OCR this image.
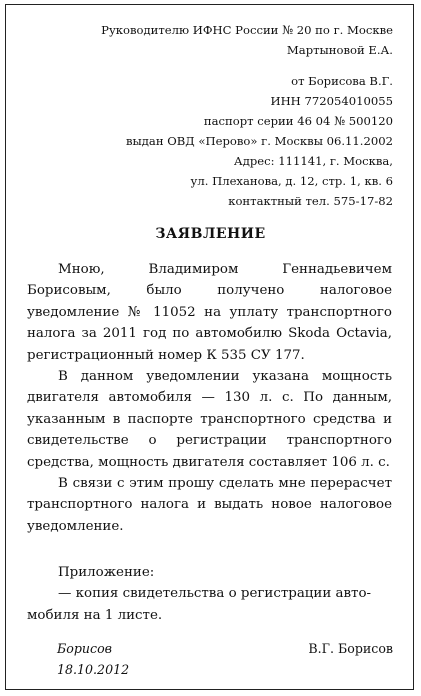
Руководителю ИФНС России № 20 по г. Москве
Мартыновой Е.А.
от Борисова В.Г.
ИНН 772054010055
паспорт серии 46 04 № 500120
выдан ОВД «Перово» г. Москвы 06.11.2002
Адрес: 111141, г. Москва,
ул. Плеханова, д. 12, стр. 1, кв. 6
контактный тел. 575-17-82
ЗАЯВЛЕНИЕ

Мною, Владимиром Геннадьевичем Борисовым, было получено налоговое уведомление № 11052 на уплату транспортного налога за 2011 год по автомобилю Skoda Octavia, регистрационный номер К 535 СУ 177.

В данном уведомлении указана мощность двигателя автомобиля — 130 л. с. По данным, указанным в паспорте транспортного средства и свидетельстве о регистрации транспортного средства, мощность двигателя составляет 106 л. с.

В связи с этим прошу сделать мне перерасчет транспортного налога и выдать новое налоговое уведомление.

Приложение:
— копия свидетельства о регистрации авто-
мобиля на 1 листе.
Борисов
18.10.2012
В.Г. Борисов
